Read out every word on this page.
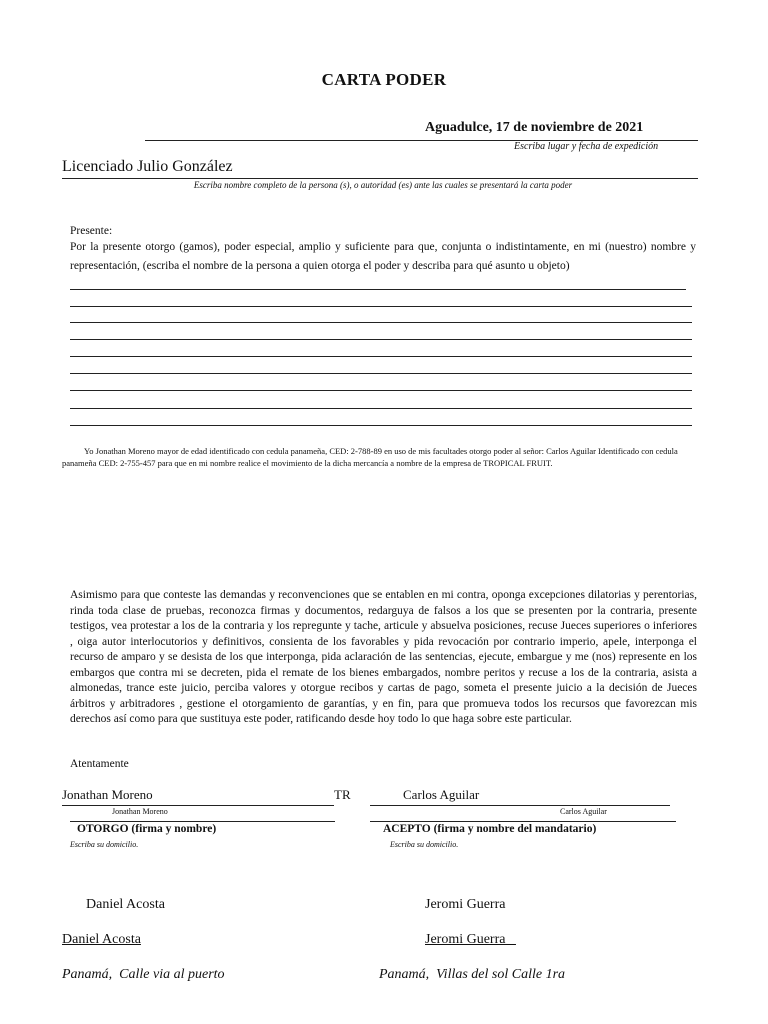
CARTA PODER
Aguadulce, 17 de noviembre de 2021
Escriba lugar y fecha de expedición
Licenciado Julio González
Escriba nombre completo de la persona (s), o autoridad (es) ante las cuales se presentará la carta poder
Presente:
Por la presente otorgo (gamos), poder especial, amplio y suficiente para que, conjunta o indistintamente, en mi (nuestro) nombre y representación, (escriba el nombre de la persona a quien otorga el poder y describa para qué asunto u objeto)
Yo Jonathan Moreno mayor de edad identificado con cedula panameña, CED: 2-788-89 en uso de mis facultades otorgo poder al señor: Carlos Aguilar Identificado con cedula panameña CED: 2-755-457 para que en mi nombre realice el movimiento de la dicha mercancía a nombre de la empresa de TROPICAL FRUIT.
Asimismo para que conteste las demandas y reconvenciones que se entablen en mi contra, oponga excepciones dilatorias y perentorias, rinda toda clase de pruebas, reconozca firmas y documentos, redarguya de falsos a los que se presenten por la contraria, presente testigos, vea protestar a los de la contraria y los repregunte y tache, articule y absuelva posiciones, recuse Jueces superiores o inferiores , oiga autor interlocutorios y definitivos, consienta de los favorables y pida revocación por contrario imperio, apele, interponga el recurso de amparo y se desista de los que interponga, pida aclaración de las sentencias, ejecute, embargue y me (nos) represente en los embargos que contra mi se decreten, pida el remate de los bienes embargados, nombre peritos y recuse a los de la contraria, asista a almonedas, trance este juicio, perciba valores y otorgue recibos y cartas de pago, someta el presente juicio a la decisión de Jueces árbitros y arbitradores , gestione el otorgamiento de garantías, y en fin, para que promueva todos los recursos que favorezcan mis derechos así como para que sustituya este poder, ratificando desde hoy todo lo que haga sobre este particular.
Atentamente
Jonathan Moreno	TR	Carlos Aguilar
Jonathan Moreno	Carlos Aguilar
OTORGO (firma y nombre)	ACEPTO (firma y nombre del mandatario)
Escriba su domicilio.	Escriba su domicilio.
Daniel Acosta	Jeromi Guerra
Daniel Acosta	Jeromi Guerra
Panamá,  Calle via al puerto	Panamá,  Villas del sol Calle 1ra
